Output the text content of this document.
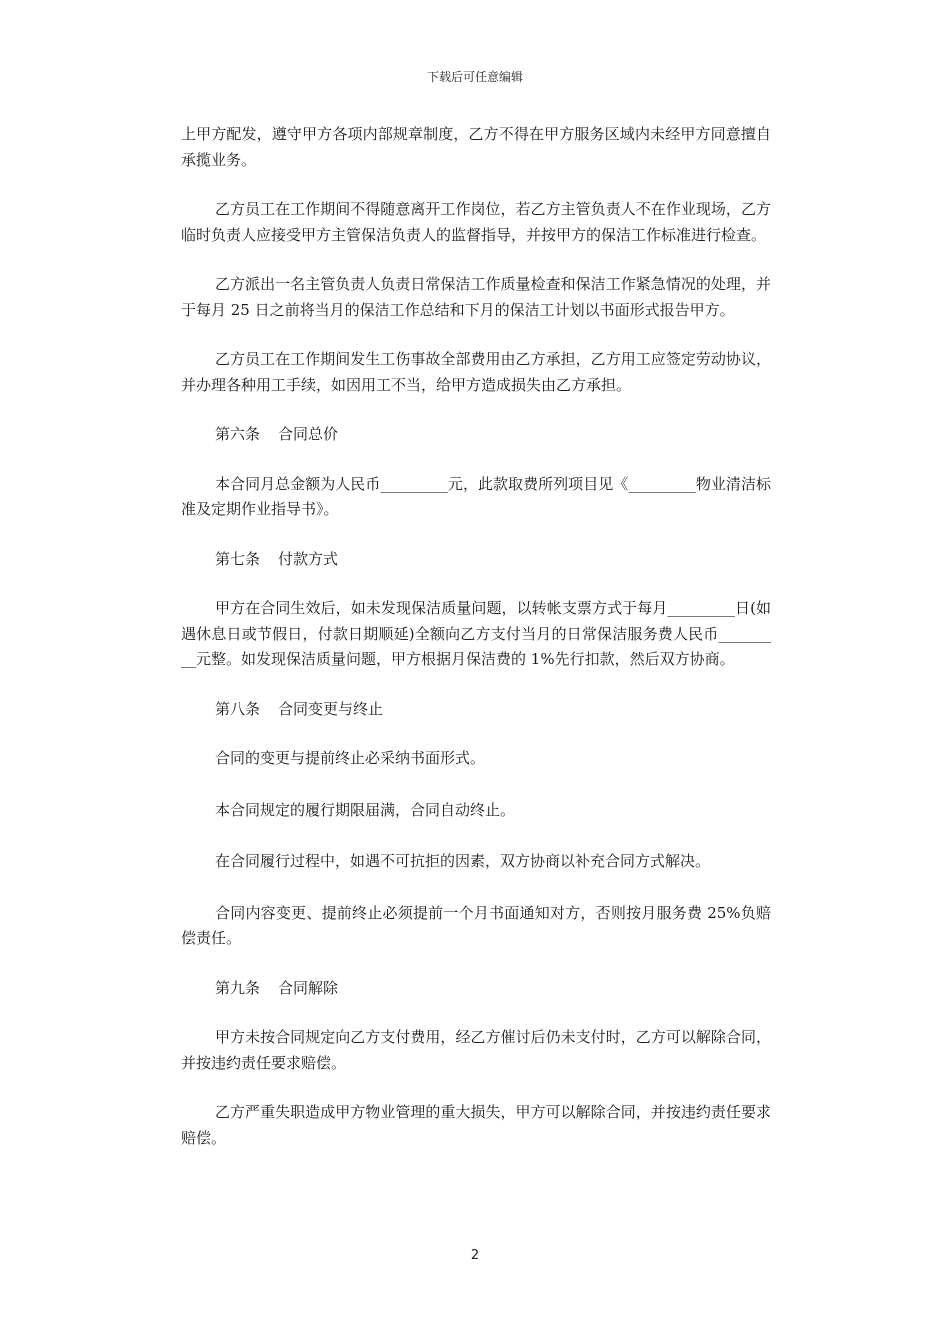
下载后可任意编辑

上甲方配发，遵守甲方各项内部规章制度，乙方不得在甲方服务区域内未经甲方同意擅自承揽业务。

乙方员工在工作期间不得随意离开工作岗位，若乙方主管负责人不在作业现场，乙方临时负责人应接受甲方主管保洁负责人的监督指导，并按甲方的保洁工作标准进行检查。

乙方派出一名主管负责人负责日常保洁工作质量检查和保洁工作紧急情况的处理，并于每月 25 日之前将当月的保洁工作总结和下月的保洁工计划以书面形式报告甲方。

乙方员工在工作期间发生工伤事故全部费用由乙方承担，乙方用工应签定劳动协议，并办理各种用工手续，如因用工不当，给甲方造成损失由乙方承担。

第六条 合同总价

本合同月总金额为人民币_________元，此款取费所列项目见《_________物业清洁标准及定期作业指导书》。

第七条 付款方式

甲方在合同生效后，如未发现保洁质量问题，以转帐支票方式于每月_________日(如遇休息日或节假日，付款日期顺延)全额向乙方支付当月的日常保洁服务费人民币_________元整。如发现保洁质量问题，甲方根据月保洁费的 1%先行扣款，然后双方协商。

第八条 合同变更与终止

合同的变更与提前终止必采纳书面形式。

本合同规定的履行期限届满，合同自动终止。

在合同履行过程中，如遇不可抗拒的因素，双方协商以补充合同方式解决。

合同内容变更、提前终止必须提前一个月书面通知对方，否则按月服务费 25%负赔偿责任。

第九条 合同解除

甲方未按合同规定向乙方支付费用，经乙方催讨后仍未支付时，乙方可以解除合同，并按违约责任要求赔偿。

乙方严重失职造成甲方物业管理的重大损失，甲方可以解除合同，并按违约责任要求赔偿。

2
